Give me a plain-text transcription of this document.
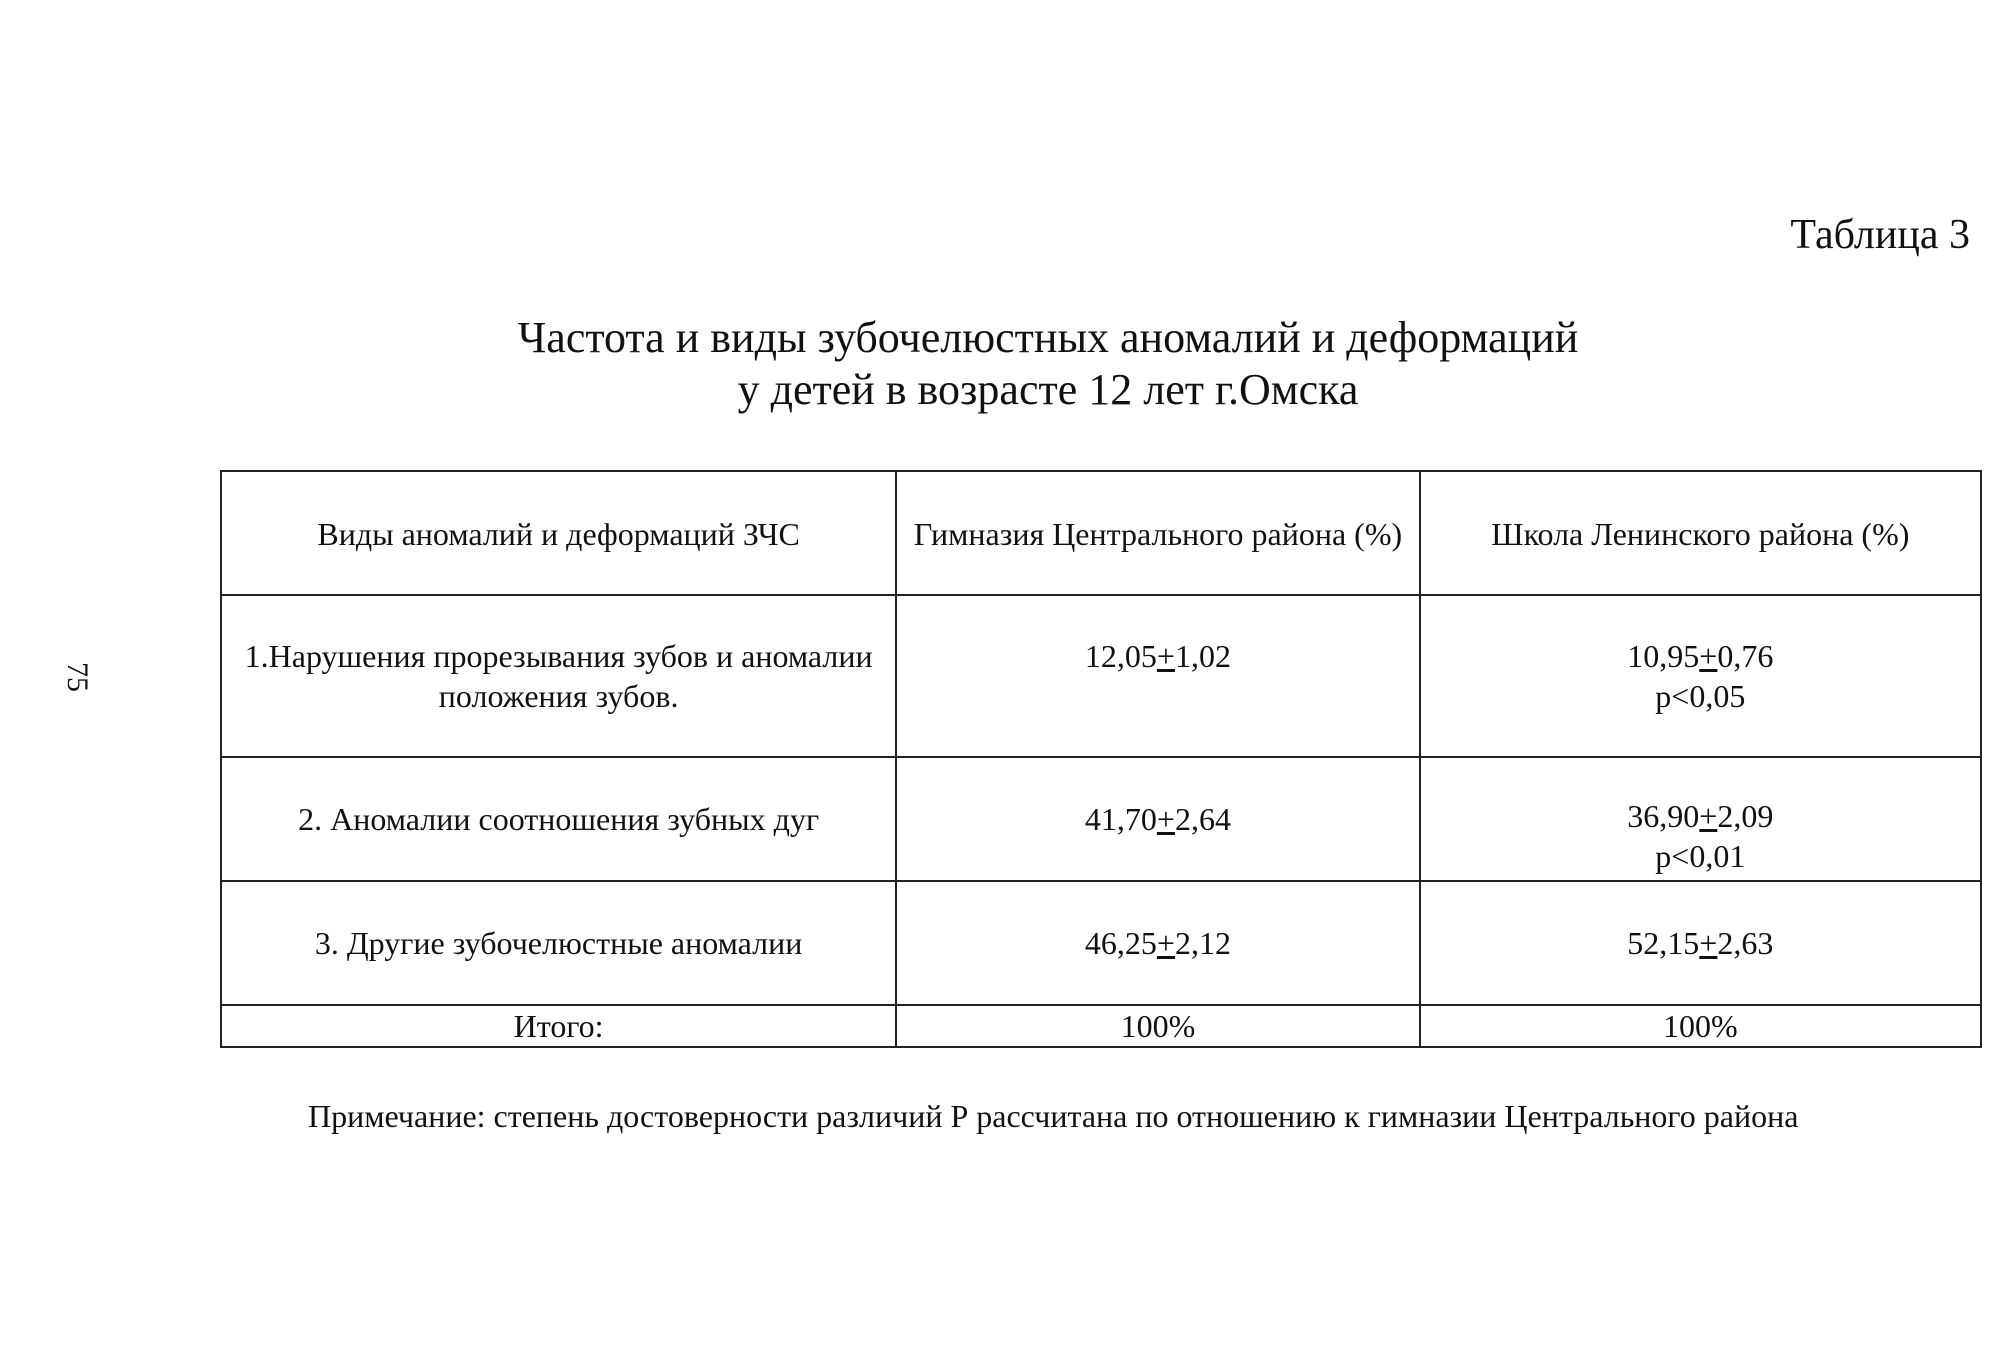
75
Таблица 3
Частота и виды зубочелюстных аномалий и деформаций
у детей в возрасте 12 лет г.Омска
Виды аномалий и деформаций ЗЧС	Гимназия Центрального района (%)	Школа Ленинского района (%)
1.Нарушения прорезывания зубов и аномалии положения зубов.	12,05+1,02	10,95+0,76
p<0,05

2. Аномалии соотношения зубных дуг	41,70+2,64	36,90+2,09
p<0,01

3. Другие зубочелюстные аномалии	46,25+2,12	52,15+2,63
Итого:	100%	100%
Примечание: степень достоверности различий Р рассчитана по отношению к гимназии Центрального района
